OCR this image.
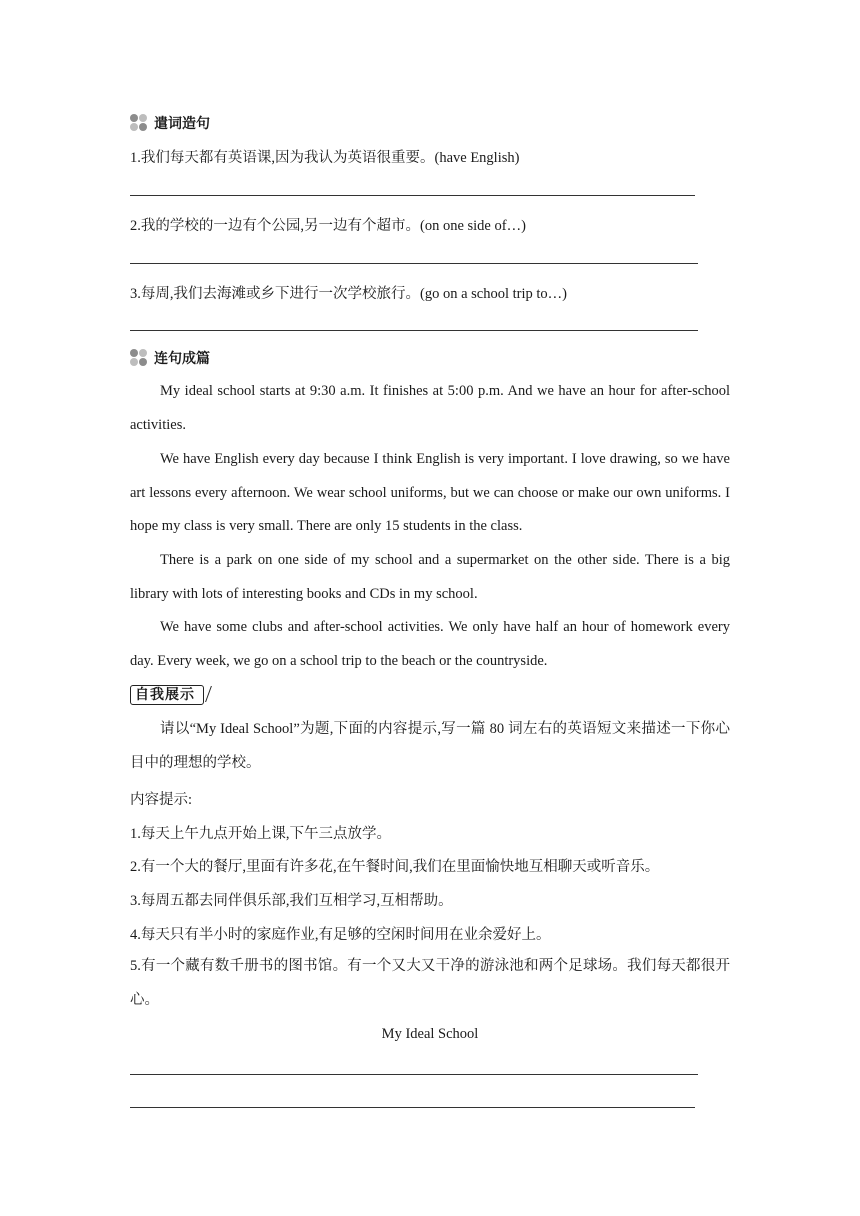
遣词造句
1.我们每天都有英语课,因为我认为英语很重要。(have English)
2.我的学校的一边有个公园,另一边有个超市。(on one side of…)
3.每周,我们去海滩或乡下进行一次学校旅行。(go on a school trip to…)
连句成篇
My ideal school starts at 9:30 a.m. It finishes at 5:00 p.m. And we have an hour for after-school activities.
We have English every day because I think English is very important. I love drawing, so we have art lessons every afternoon. We wear school uniforms, but we can choose or make our own uniforms. I hope my class is very small. There are only 15 students in the class.
There is a park on one side of my school and a supermarket on the other side. There is a big library with lots of interesting books and CDs in my school.
We have some clubs and after-school activities. We only have half an hour of homework every day. Every week, we go on a school trip to the beach or the countryside.
自我展示
请以“My Ideal School”为题,下面的内容提示,写一篇 80 词左右的英语短文来描述一下你心目中的理想的学校。
内容提示:
1.每天上午九点开始上课,下午三点放学。
2.有一个大的餐厅,里面有许多花,在午餐时间,我们在里面愉快地互相聊天或听音乐。
3.每周五都去同伴俱乐部,我们互相学习,互相帮助。
4.每天只有半小时的家庭作业,有足够的空闲时间用在业余爱好上。
5.有一个藏有数千册书的图书馆。有一个又大又干净的游泳池和两个足球场。我们每天都很开心。
My Ideal School
